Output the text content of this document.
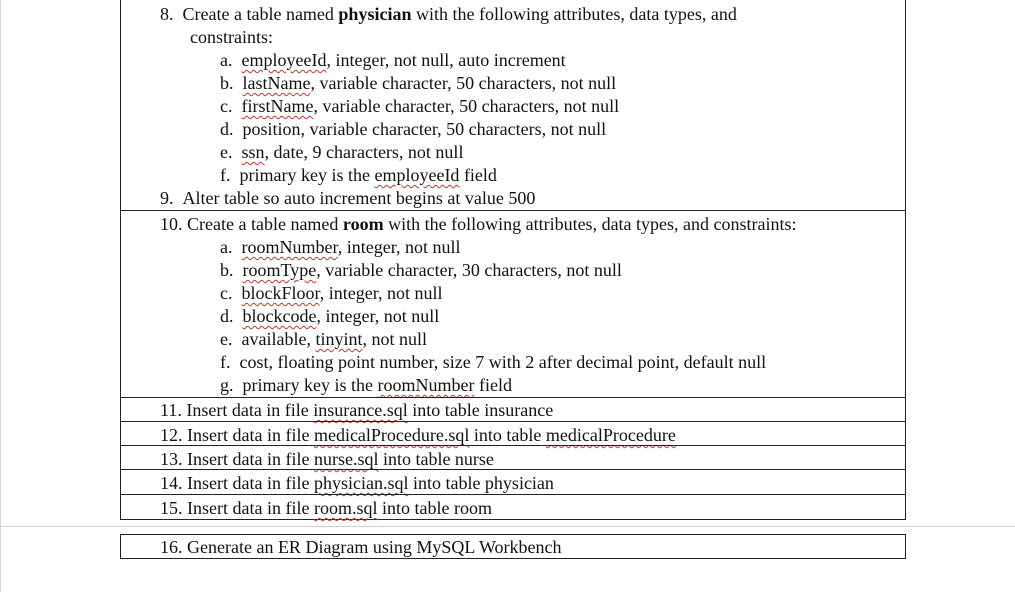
8. Create a table named physician with the following attributes, data types, and
constraints:
a. employeeId, integer, not null, auto increment
b. lastName, variable character, 50 characters, not null
c. firstName, variable character, 50 characters, not null
d. position, variable character, 50 characters, not null
e. ssn, date, 9 characters, not null
f. primary key is the employeeId field
9. Alter table so auto increment begins at value 500
10. Create a table named room with the following attributes, data types, and constraints:
a. roomNumber, integer, not null
b. roomType, variable character, 30 characters, not null
c. blockFloor, integer, not null
d. blockcode, integer, not null
e. available, tinyint, not null
f. cost, floating point number, size 7 with 2 after decimal point, default null
g. primary key is the roomNumber field
11. Insert data in file insurance.sql into table insurance
12. Insert data in file medicalProcedure.sql into table medicalProcedure
13. Insert data in file nurse.sql into table nurse
14. Insert data in file physician.sql into table physician
15. Insert data in file room.sql into table room
16. Generate an ER Diagram using MySQL Workbench
